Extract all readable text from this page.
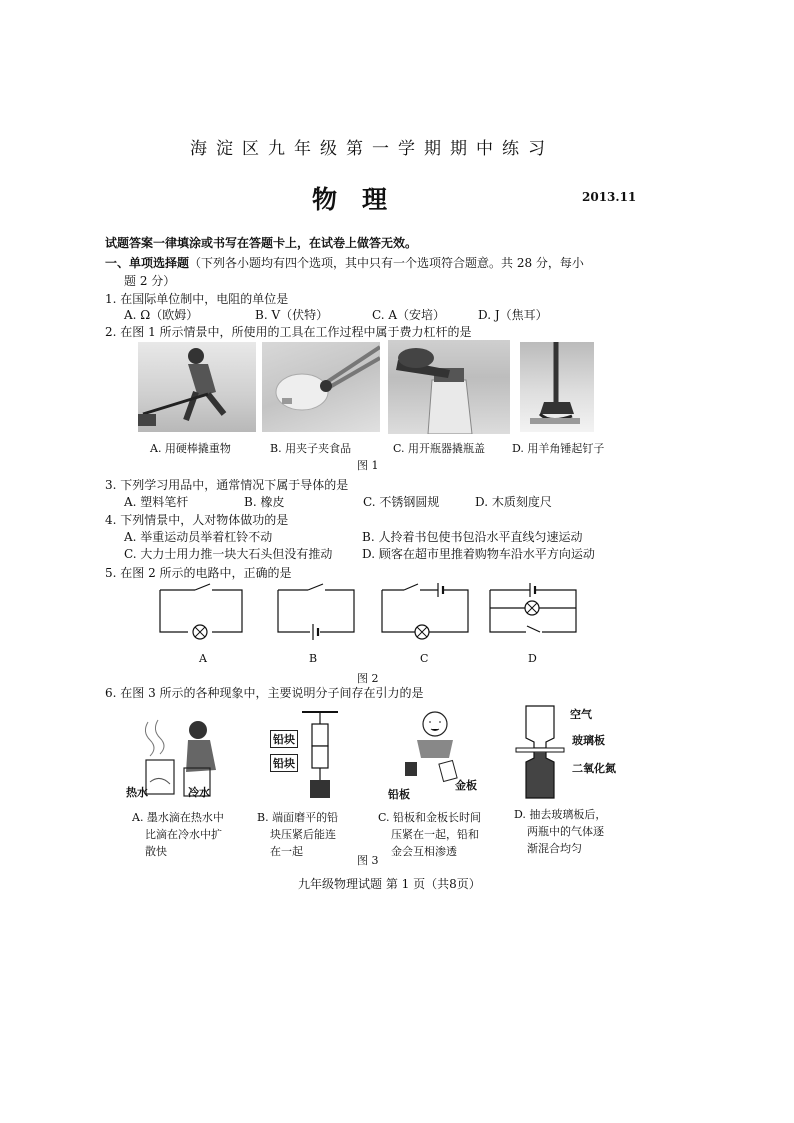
海淀区九年级第一学期期中练习
物　理	2013.11
试题答案一律填涂或书写在答题卡上，在试卷上做答无效。
一、单项选择题（下列各小题均有四个选项，其中只有一个选项符合题意。共 28 分，每小
题 2 分）
1. 在国际单位制中，电阻的单位是
A. Ω（欧姆）	B. V（伏特）	C. A（安培）	D. J（焦耳）
2. 在图 1 所示情景中，所使用的工具在工作过程中属于费力杠杆的是
A. 用硬棒撬重物	B. 用夹子夹食品	C. 用开瓶器撬瓶盖 D. 用羊角锤起钉子
图 1
3. 下列学习用品中，通常情况下属于导体的是
A. 塑料笔杆	B. 橡皮	C. 不锈钢圆规	D. 木质刻度尺
4. 下列情景中，人对物体做功的是
A. 举重运动员举着杠铃不动	B. 人拎着书包使书包沿水平直线匀速运动
C. 大力士用力推一块大石头但没有推动 D. 顾客在超市里推着购物车沿水平方向运动
5. 在图 2 所示的电路中，正确的是
A	B	C	D
图 2
6. 在图 3 所示的各种现象中，主要说明分子间存在引力的是
热水	冷水
铅块
铅块
铅板
金板
空气
玻璃板
二氧化氮
A. 墨水滴在热水中
比滴在冷水中扩
散快
B. 端面磨平的铅
块压紧后能连
在一起
C. 铅板和金板长时间
压紧在一起，铅和
金会互相渗透
D. 抽去玻璃板后，
两瓶中的气体逐
渐混合均匀
图 3
九年级物理试题 第 1 页（共8页）
